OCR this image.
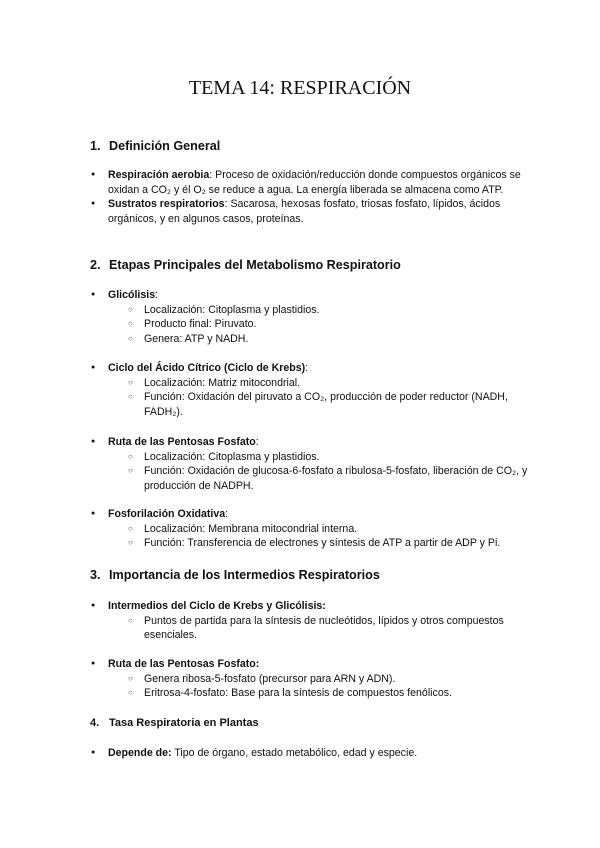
TEMA 14: RESPIRACIÓN
1. Definición General
● Respiración aerobia: Proceso de oxidación/reducción donde compuestos orgánicos se oxidan a CO₂ y él O₂ se reduce a agua. La energía liberada se almacena como ATP.
● Sustratos respiratorios: Sacarosa, hexosas fosfato, triosas fosfato, lípidos, ácidos orgánicos, y en algunos casos, proteínas.
2. Etapas Principales del Metabolismo Respiratorio
● Glicólisis:
○ Localización: Citoplasma y plastidios.
○ Producto final: Piruvato.
○ Genera: ATP y NADH.
● Ciclo del Ácido Cítrico (Ciclo de Krebs):
○ Localización: Matriz mitocondrial.
○ Función: Oxidación del piruvato a CO₂, producción de poder reductor (NADH, FADH₂).
● Ruta de las Pentosas Fosfato:
○ Localización: Citoplasma y plastidios.
○ Función: Oxidación de glucosa-6-fosfato a ribulosa-5-fosfato, liberación de CO₂, y producción de NADPH.
● Fosforilación Oxidativa:
○ Localización: Membrana mitocondrial interna.
○ Función: Transferencia de electrones y síntesis de ATP a partir de ADP y Pi.
3. Importancia de los Intermedios Respiratorios
● Intermedios del Ciclo de Krebs y Glicólisis:
○ Puntos de partida para la síntesis de nucleótidos, lípidos y otros compuestos esenciales.
● Ruta de las Pentosas Fosfato:
○ Genera ribosa-5-fosfato (precursor para ARN y ADN).
○ Eritrosa-4-fosfato: Base para la síntesis de compuestos fenólicos.
4. Tasa Respiratoria en Plantas
● Depende de: Tipo de órgano, estado metabólico, edad y especie.
